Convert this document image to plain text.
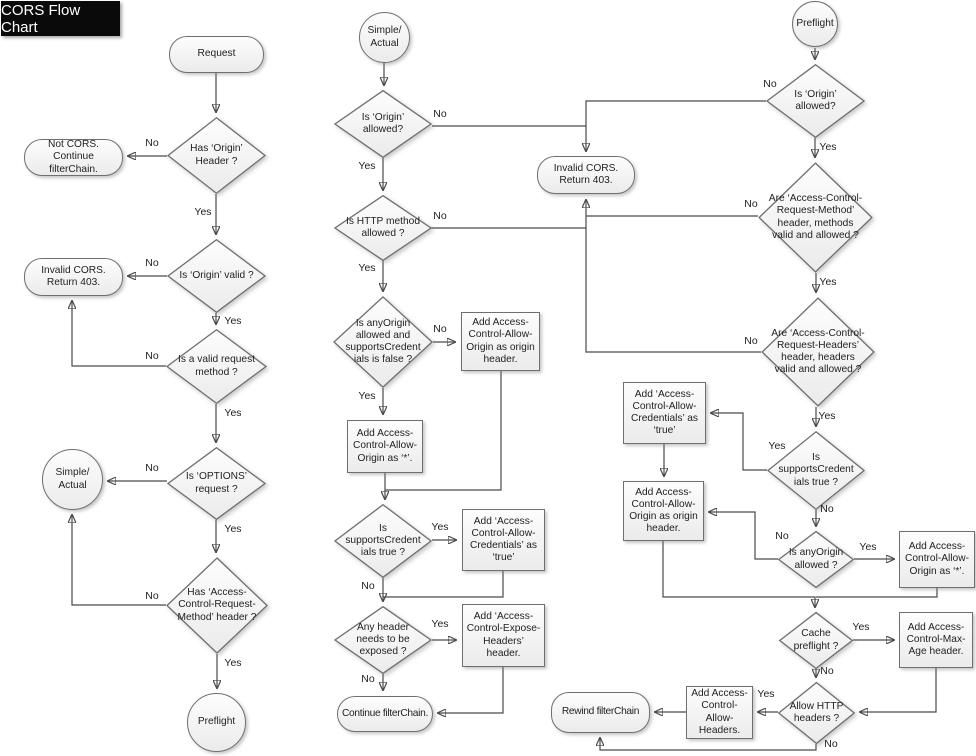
CORS Flow Chart
Request
Has ‘Origin’ Header ?
Not CORS. Continue filterChain.
Is ‘Origin’ valid ?
Invalid CORS. Return 403.
Is a valid request method ?
Is ‘OPTIONS’ request ?
Simple/ Actual
Has ‘Access-Control-Request-Method’ header ?
Preflight
Simple/ Actual
Is ‘Origin’ allowed?
Invalid CORS. Return 403.
Is HTTP method allowed ?
Is anyOrigin allowed and supportsCredent ials is false ?
Add Access-Control-Allow-Origin as origin header.
Add Access-Control-Allow-Origin as ‘*’.
Is supportsCredent ials true ?
Add ‘Access-Control-Allow-Credentials’ as ‘true’
Any header needs to be exposed ?
Add ‘Access-Control-Expose-Headers’ header.
Continue filterChain.
Preflight
Is ‘Origin’ allowed?
Are ‘Access-Control-Request-Method’ header, methods valid and allowed ?
Are ‘Access-Control-Request-Headers’ header, headers valid and allowed ?
Is supportsCredent ials true ?
Add ‘Access-Control-Allow-Credentials’ as ‘true’
Add Access-Control-Allow-Origin as origin header.
Is anyOrigin allowed ?
Add Access-Control-Allow-Origin as ‘*’.
Cache preflight ?
Add Access-Control-Max-Age header.
Allow HTTP headers ?
Add Access-Control-Allow-Headers.
Rewind filterChain
No
Yes
No
Yes
No
Yes
No
Yes
No
Yes
No
Yes
No
Yes
No
Yes
Yes
No
Yes
No
No
Yes
No
Yes
No
Yes
Yes
No
No
Yes
Yes
No
Yes
No
